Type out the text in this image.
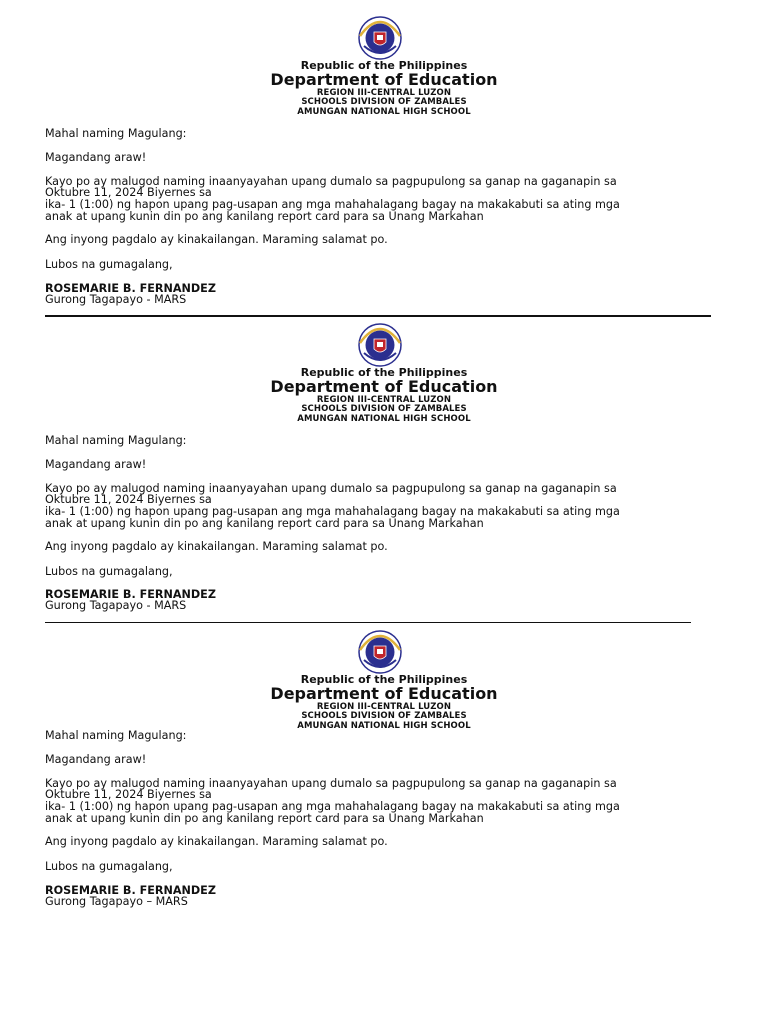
Republic of the Philippines
Department of Education
REGION III-CENTRAL LUZON
SCHOOLS DIVISION OF ZAMBALES
AMUNGAN NATIONAL HIGH SCHOOL
Mahal naming Magulang:
Magandang araw!
Kayo po ay malugod naming inaanyayahan upang dumalo sa pagpupulong sa ganap na gaganapin sa
Oktubre 11, 2024 Biyernes sa
ika- 1 (1:00) ng hapon upang pag-usapan ang mga mahahalagang bagay na makakabuti sa ating mga
anak at upang kunin din po ang kanilang report card para sa Unang Markahan
Ang inyong pagdalo ay kinakailangan. Maraming salamat po.
Lubos na gumagalang,
ROSEMARIE B. FERNANDEZ
Gurong Tagapayo - MARS
Republic of the Philippines
Department of Education
REGION III-CENTRAL LUZON
SCHOOLS DIVISION OF ZAMBALES
AMUNGAN NATIONAL HIGH SCHOOL
Mahal naming Magulang:
Magandang araw!
Kayo po ay malugod naming inaanyayahan upang dumalo sa pagpupulong sa ganap na gaganapin sa
Oktubre 11, 2024 Biyernes sa
ika- 1 (1:00) ng hapon upang pag-usapan ang mga mahahalagang bagay na makakabuti sa ating mga
anak at upang kunin din po ang kanilang report card para sa Unang Markahan
Ang inyong pagdalo ay kinakailangan. Maraming salamat po.
Lubos na gumagalang,
ROSEMARIE B. FERNANDEZ
Gurong Tagapayo - MARS
Republic of the Philippines
Department of Education
REGION III-CENTRAL LUZON
SCHOOLS DIVISION OF ZAMBALES
AMUNGAN NATIONAL HIGH SCHOOL
Mahal naming Magulang:
Magandang araw!
Kayo po ay malugod naming inaanyayahan upang dumalo sa pagpupulong sa ganap na gaganapin sa
Oktubre 11, 2024 Biyernes sa
ika- 1 (1:00) ng hapon upang pag-usapan ang mga mahahalagang bagay na makakabuti sa ating mga
anak at upang kunin din po ang kanilang report card para sa Unang Markahan
Ang inyong pagdalo ay kinakailangan. Maraming salamat po.
Lubos na gumagalang,
ROSEMARIE B. FERNANDEZ
Gurong Tagapayo – MARS
